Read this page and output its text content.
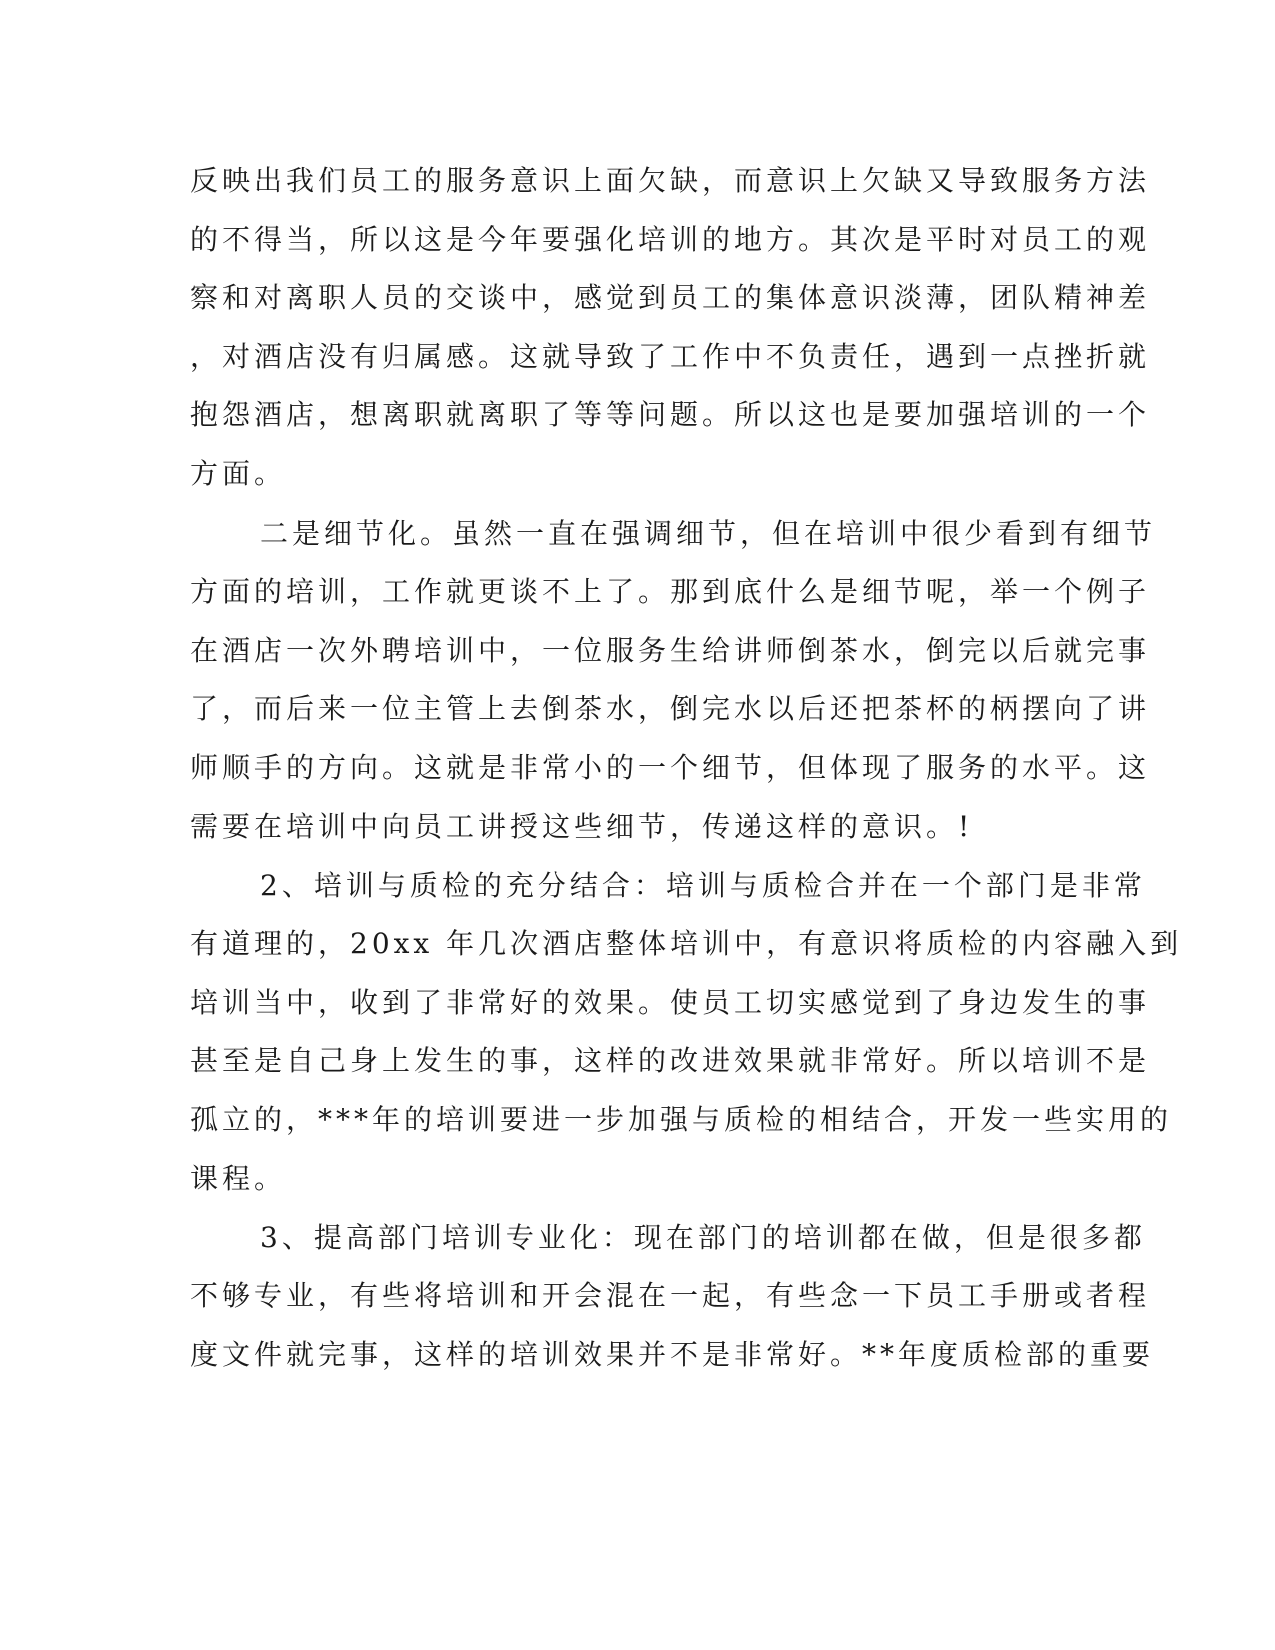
反映出我们员工的服务意识上面欠缺，而意识上欠缺又导致服务方法
的不得当，所以这是今年要强化培训的地方。其次是平时对员工的观
察和对离职人员的交谈中，感觉到员工的集体意识淡薄，团队精神差
，对酒店没有归属感。这就导致了工作中不负责任，遇到一点挫折就
抱怨酒店，想离职就离职了等等问题。所以这也是要加强培训的一个
方面。
二是细节化。虽然一直在强调细节，但在培训中很少看到有细节
方面的培训，工作就更谈不上了。那到底什么是细节呢，举一个例子
在酒店一次外聘培训中，一位服务生给讲师倒茶水，倒完以后就完事
了，而后来一位主管上去倒茶水，倒完水以后还把茶杯的柄摆向了讲
师顺手的方向。这就是非常小的一个细节，但体现了服务的水平。这
需要在培训中向员工讲授这些细节，传递这样的意识。!
2、培训与质检的充分结合：培训与质检合并在一个部门是非常
有道理的，20xx 年几次酒店整体培训中，有意识将质检的内容融入到
培训当中，收到了非常好的效果。使员工切实感觉到了身边发生的事
甚至是自己身上发生的事，这样的改进效果就非常好。所以培训不是
孤立的，***年的培训要进一步加强与质检的相结合，开发一些实用的
课程。
3、提高部门培训专业化：现在部门的培训都在做，但是很多都
不够专业，有些将培训和开会混在一起，有些念一下员工手册或者程
度文件就完事，这样的培训效果并不是非常好。**年度质检部的重要
